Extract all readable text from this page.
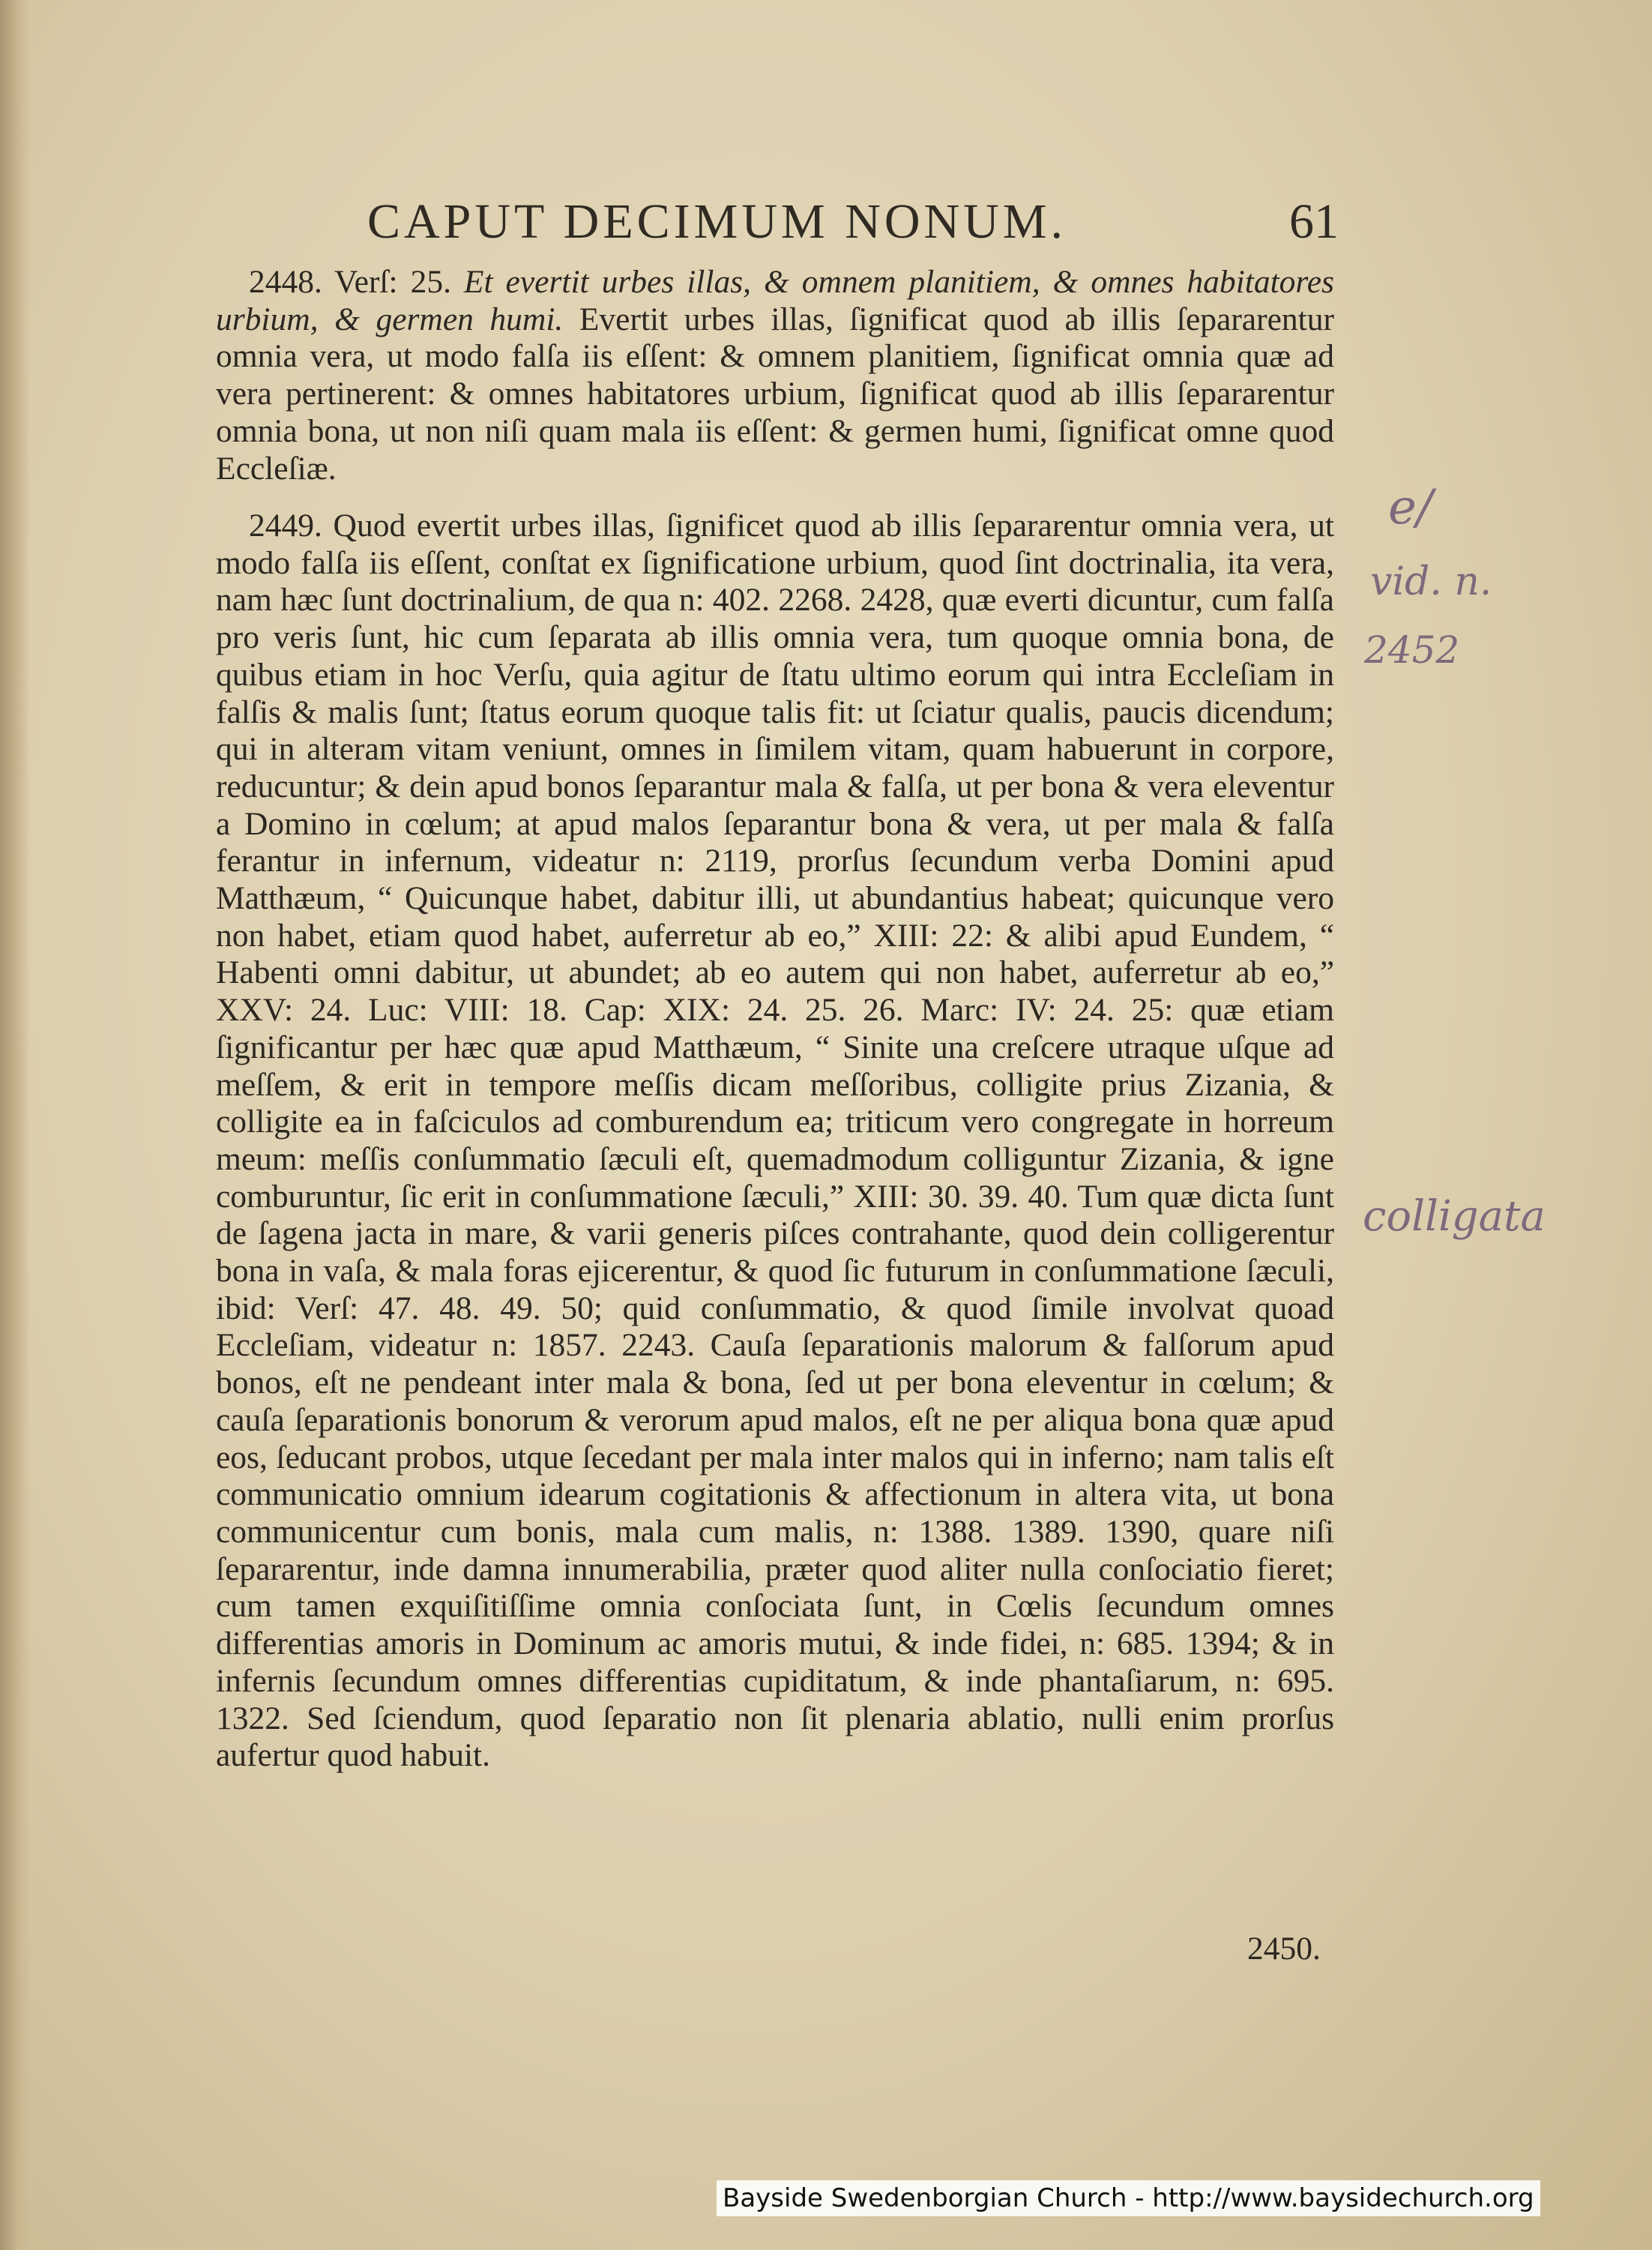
CAPUT DECIMUM NONUM.	61

2448. Verſ: 25. Et evertit urbes illas, & omnem planitiem, & omnes habitatores urbium, & germen humi. Evertit urbes illas, ſignificat quod ab illis ſepararentur omnia vera, ut modo falſa iis eſſent: & omnem planitiem, ſignificat omnia quæ ad vera pertinerent: & omnes habitatores urbium, ſignificat quod ab illis ſepararentur omnia bona, ut non niſi quam mala iis eſſent: & germen humi, ſignificat omne quod Eccleſiæ.

2449. Quod evertit urbes illas, ſignificet quod ab illis ſepararentur omnia vera, ut modo falſa iis eſſent, conſtat ex ſignificatione urbium, quod ſint doctrinalia, ita vera, nam hæc ſunt doctrinalium, de qua n: 402. 2268. 2428, quæ everti dicuntur, cum falſa pro veris ſunt, hic cum ſeparata ab illis omnia vera, tum quoque omnia bona, de quibus etiam in hoc Verſu, quia agitur de ſtatu ultimo eorum qui intra Eccleſiam in falſis & malis ſunt; ſtatus eorum quoque talis fit: ut ſciatur qualis, paucis dicendum; qui in alteram vitam veniunt, omnes in ſimilem vitam, quam habuerunt in corpore, reducuntur; & dein apud bonos ſeparantur mala & falſa, ut per bona & vera eleventur a Domino in cœlum; at apud malos ſeparantur bona & vera, ut per mala & falſa ferantur in infernum, videatur n: 2119, prorſus ſecundum verba Domini apud Matthæum, “ Quicunque habet, dabitur illi, ut abundantius habeat; quicunque vero non habet, etiam quod habet, auferretur ab eo,” XIII: 22: & alibi apud Eundem, “ Habenti omni dabitur, ut abundet; ab eo autem qui non habet, auferretur ab eo,” XXV: 24. Luc: VIII: 18. Cap: XIX: 24. 25. 26. Marc: IV: 24. 25: quæ etiam ſignificantur per hæc quæ apud Matthæum, “ Sinite una creſcere utraque uſque ad meſſem, & erit in tempore meſſis dicam meſſoribus, colligite prius Zizania, & colligite ea in faſciculos ad comburendum ea; triticum vero congregate in horreum meum: meſſis conſummatio ſæculi eſt, quemadmodum colliguntur Zizania, & igne comburuntur, ſic erit in conſummatione ſæculi,” XIII: 30. 39. 40. Tum quæ dicta ſunt de ſagena jacta in mare, & varii generis piſces contrahante, quod dein colligerentur bona in vaſa, & mala foras ejicerentur, & quod ſic futurum in conſummatione ſæculi, ibid: Verſ: 47. 48. 49. 50; quid conſummatio, & quod ſimile involvat quoad Eccleſiam, videatur n: 1857. 2243. Cauſa ſeparationis malorum & falſorum apud bonos, eſt ne pendeant inter mala & bona, ſed ut per bona eleventur in cœlum; & cauſa ſeparationis bonorum & verorum apud malos, eſt ne per aliqua bona quæ apud eos, ſeducant probos, utque ſecedant per mala inter malos qui in inferno; nam talis eſt communicatio omnium idearum cogitationis & affectionum in altera vita, ut bona communicentur cum bonis, mala cum malis, n: 1388. 1389. 1390, quare niſi ſepararentur, inde damna innumerabilia, præter quod aliter nulla conſociatio fieret; cum tamen exquiſitiſſime omnia conſociata ſunt, in Cœlis ſecundum omnes differentias amoris in Dominum ac amoris mutui, & inde fidei, n: 685. 1394; & in infernis ſecundum omnes differentias cupiditatum, & inde phantaſiarum, n: 695. 1322. Sed ſciendum, quod ſeparatio non ſit plenaria ablatio, nulli enim prorſus aufertur quod habuit.

2450.
e/
vid. n.
2452
colligata
Bayside Swedenborgian Church - http://www.baysidechurch.org
